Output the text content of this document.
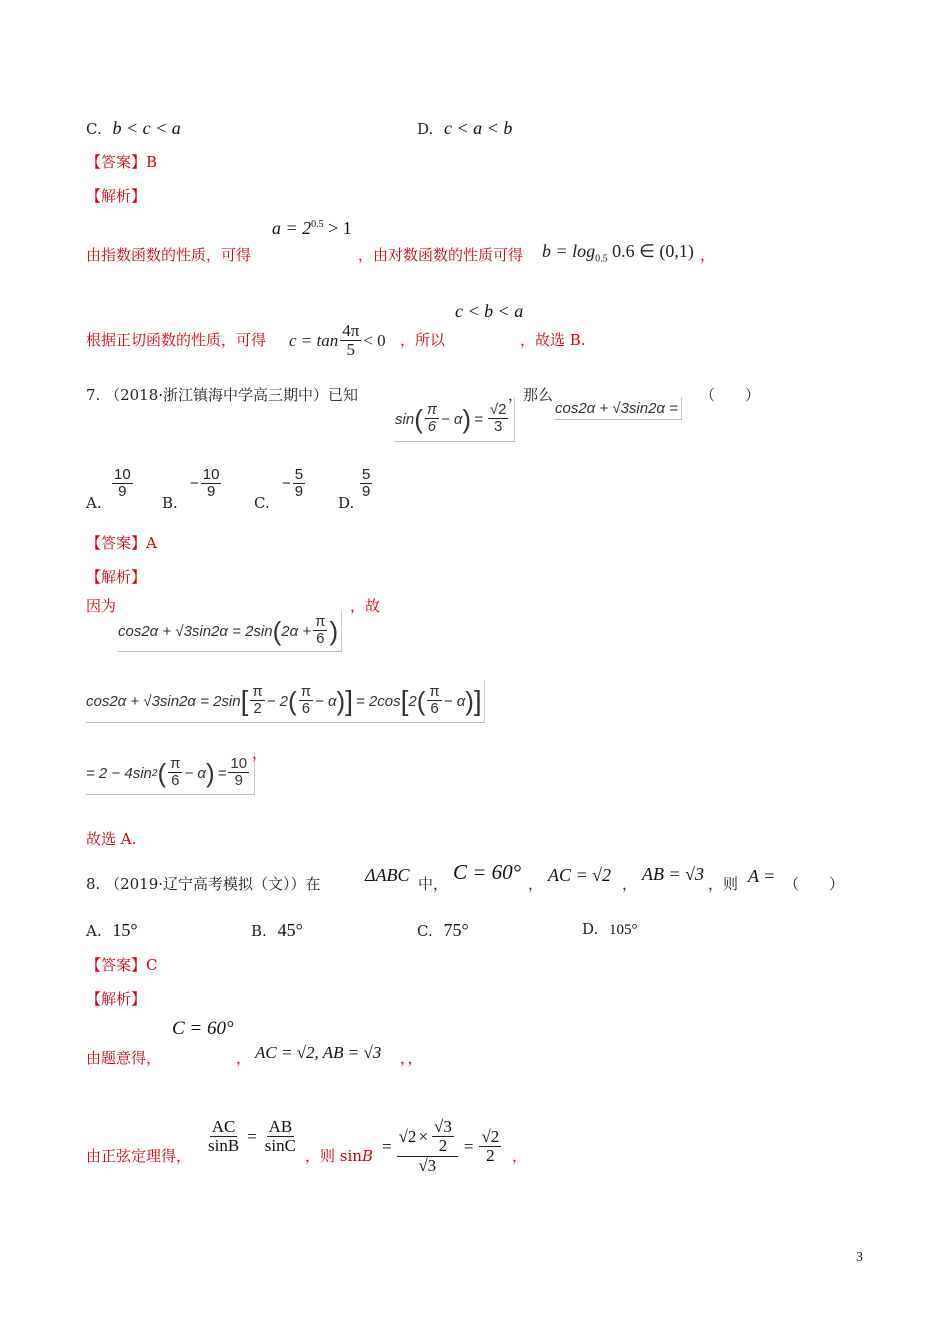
C. b < c < a	D. c < a < b
【答案】B
【解析】
$a = 2^{0.5} > 1$
由指数函数的性质，可得	，由对数函数的性质可得 $b = \log_{0.5} 0.6$ ∈ (0,1) ，
c < b < a
根据正切函数的性质，可得 $c = \tan \frac{4\pi}{5} < 0$ ，所以	，故选 B.
7. （2018·浙江镇海中学高三期中）已知	，那么	（　　）
sin ( $\frac{\pi}{6} - \alpha$ ) = $\frac{√2}{3}$	cos2α + √3sin2α =
A.
$\frac{10}{9}$
B.
− $\frac{10}{9}$
C.
− $\frac{5}{9}$
D.
$\frac{5}{9}$
【答案】A
【解析】
因为	，故
cos2α + √3sin2α = 2sin ( $2\alpha + \frac{\pi}{6}$ )
cos2α + √3sin2α = 2sin [ $\frac{\pi}{2} - 2$ ( $\frac{\pi}{6} - \alpha$ ) ] = 2cos [ 2 ( $\frac{\pi}{6} - \alpha$ ) ]
= 2 − 4sin 2 ( $\frac{\pi}{6} - \alpha$ ) = $\frac{10}{9}$
，
故选 A.
8. （2019·辽宁高考模拟（文））在 ΔABC 中， C = 60° ， AC = √2 ， AB = √3 ，则 A = （　　）
A. 15°	B. 45°	C. 75°	D. 105°
【答案】C
【解析】
C = 60°
由题意得，	， AC = √2, AB = √3 ，，
由正弦定理得，
$\frac{AC}{\sin B} = \frac{AB}{\sin C}$
，则 sinB
= $\frac{√2 \times \frac{√3}{2}}{√3} = \frac{√2}{2}$ ，
3
